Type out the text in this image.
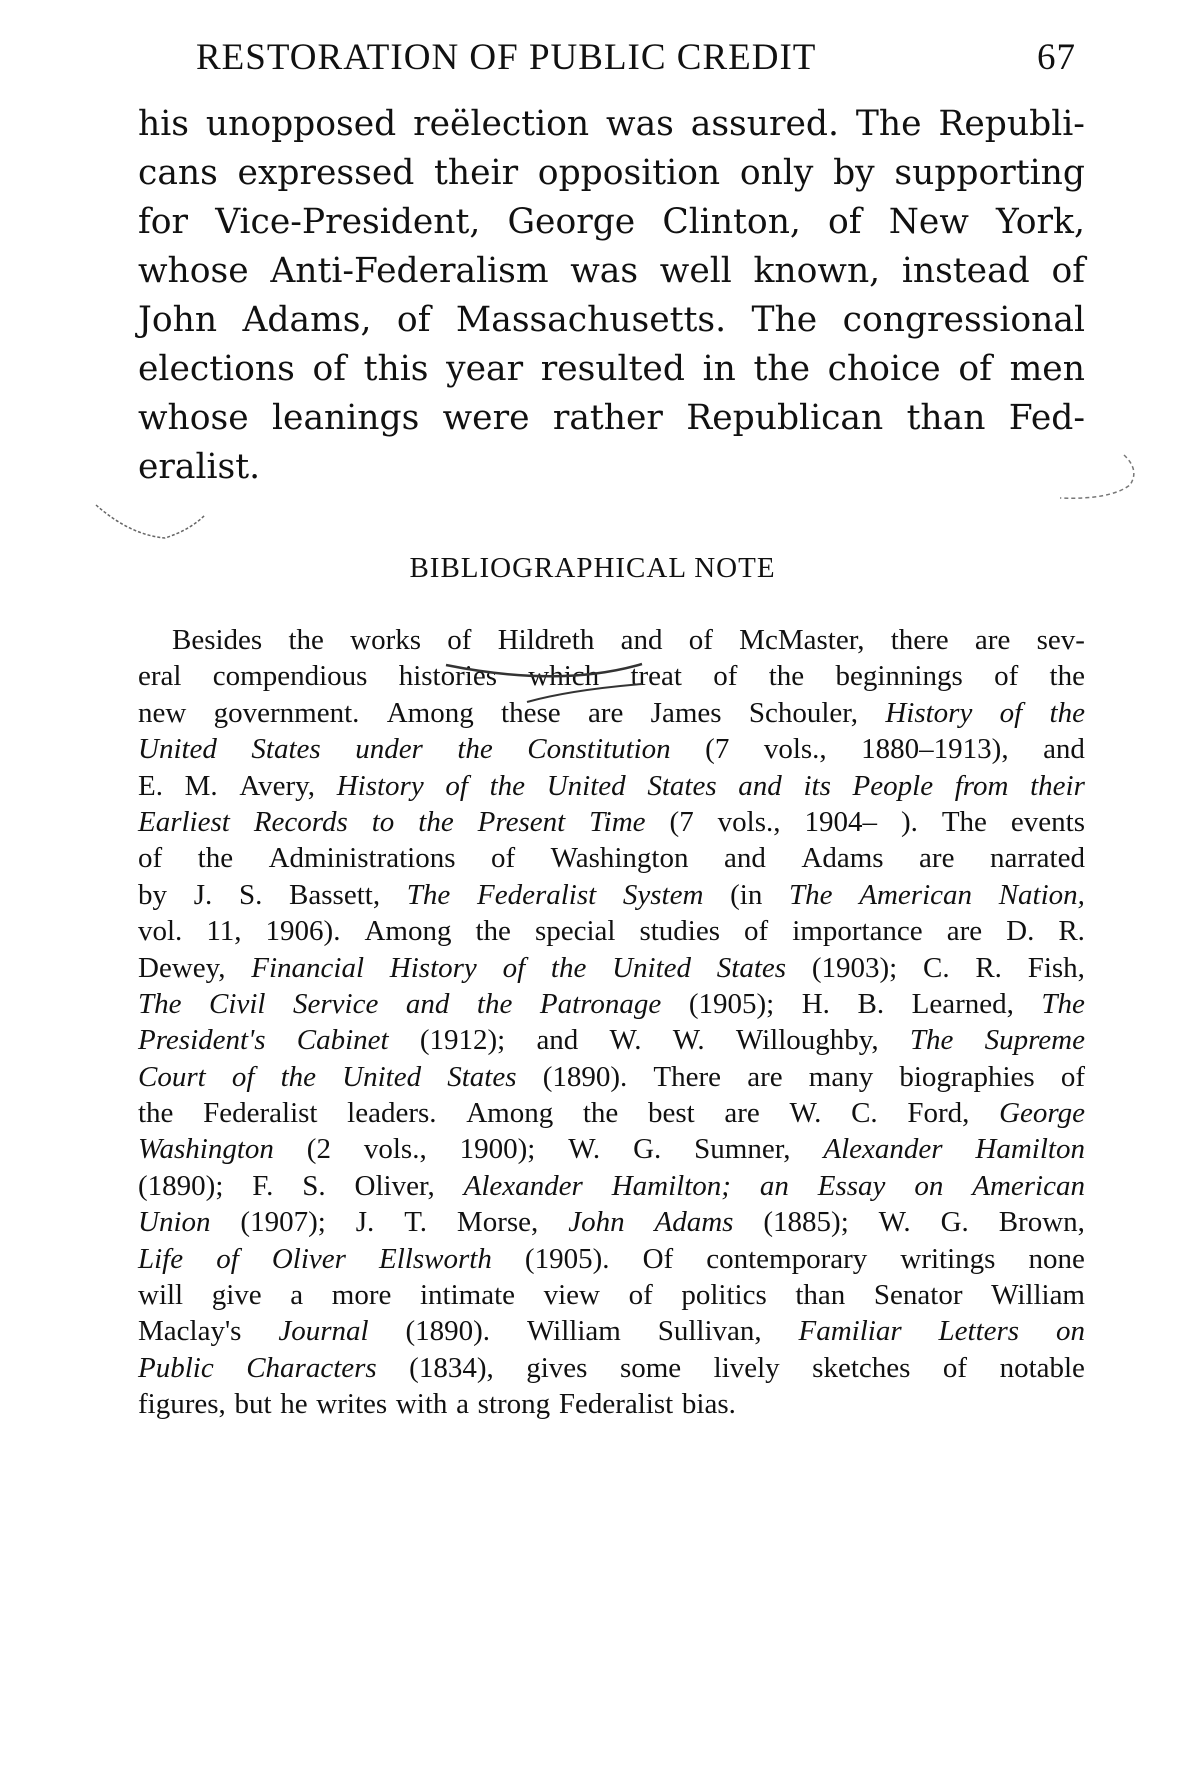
RESTORATION OF PUBLIC CREDIT	67
his unopposed reëlection was assured. The Republi-
cans expressed their opposition only by supporting
for Vice-President, George Clinton, of New York,
whose Anti-Federalism was well known, instead of
John Adams, of Massachusetts. The congressional
elections of this year resulted in the choice of men
whose leanings were rather Republican than Fed-
eralist.
BIBLIOGRAPHICAL NOTE
Besides the works of Hildreth and of McMaster, there are sev-
eral compendious histories which treat of the beginnings of the
new government. Among these are James Schouler, History of the
United States under the Constitution (7 vols., 1880–1913), and
E. M. Avery, History of the United States and its People from their
Earliest Records to the Present Time (7 vols., 1904– ). The events
of the Administrations of Washington and Adams are narrated
by J. S. Bassett, The Federalist System (in The American Nation,
vol. 11, 1906). Among the special studies of importance are D. R.
Dewey, Financial History of the United States (1903); C. R. Fish,
The Civil Service and the Patronage (1905); H. B. Learned, The
President's Cabinet (1912); and W. W. Willoughby, The Supreme
Court of the United States (1890). There are many biographies of
the Federalist leaders. Among the best are W. C. Ford, George
Washington (2 vols., 1900); W. G. Sumner, Alexander Hamilton
(1890); F. S. Oliver, Alexander Hamilton; an Essay on American
Union (1907); J. T. Morse, John Adams (1885); W. G. Brown,
Life of Oliver Ellsworth (1905). Of contemporary writings none
will give a more intimate view of politics than Senator William
Maclay's Journal (1890). William Sullivan, Familiar Letters on
Public Characters (1834), gives some lively sketches of notable
figures, but he writes with a strong Federalist bias.
